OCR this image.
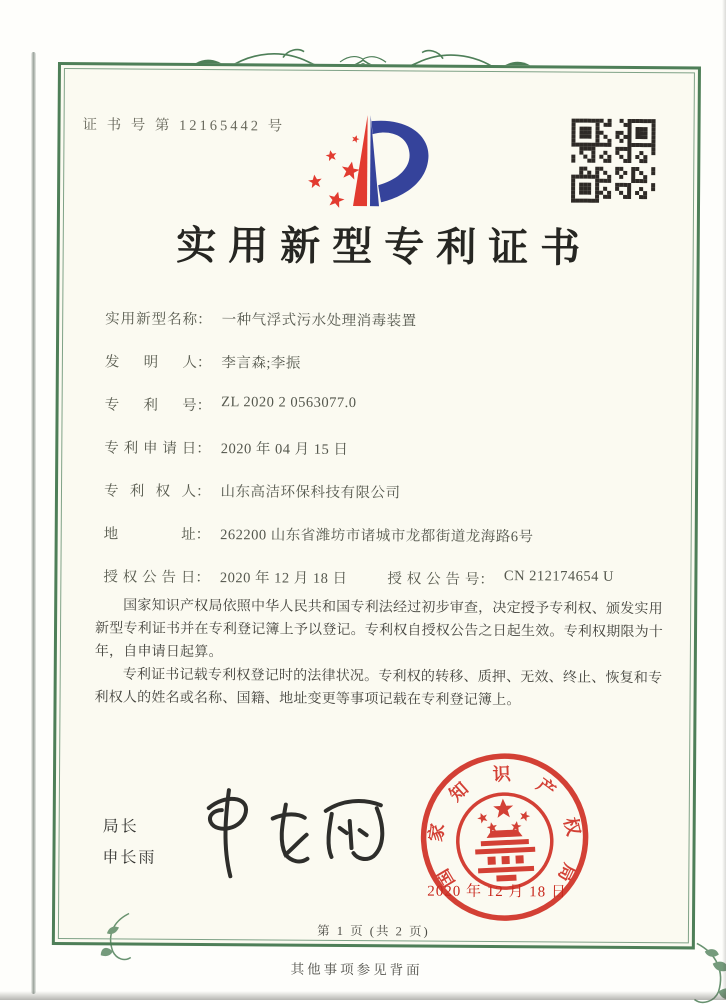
证 书 号 第 12165442 号
实用新型专利证书
实用新型名称 ： 一种气浮式污水处理消毒装置
发明人 ： 李言森;李振
专利号 ： ZL 2020 2 0563077.0
专利申请日 ： 2020 年 04 月 15 日
专利权人 ： 山东高洁环保科技有限公司
地址 ： 262200 山东省潍坊市诸城市龙都街道龙海路6号
授权公告日 ： 2020 年 12 月 18 日	授权公告号 ： CN 212174654 U

国家知识产权局依照中华人民共和国专利法经过初步审查，决定授予专利权、颁发实用新型专利证书并在专利登记簿上予以登记。专利权自授权公告之日起生效。专利权期限为十年，自申请日起算。

专利证书记载专利权登记时的法律状况。专利权的转移、质押、无效、终止、恢复和专利权人的姓名或名称、国籍、地址变更等事项记载在专利登记簿上。

局长
申长雨
国
家
知
识
产
权
局
2020 年 12 月 18 日
第 1 页 (共 2 页)
其他事项参见背面
